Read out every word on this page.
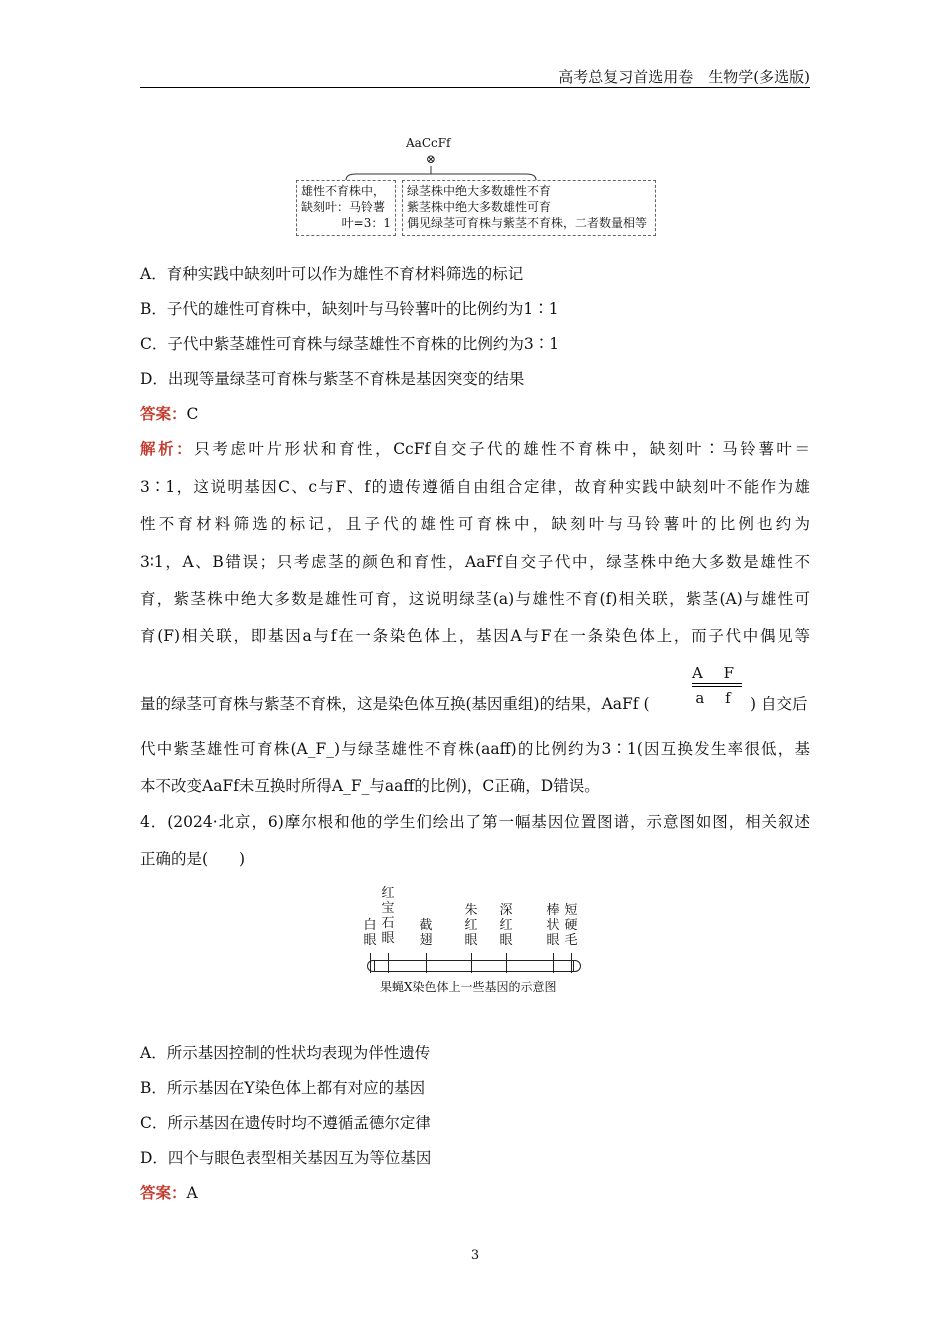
高考总复习首选用卷　生物学(多选版)
AaCcFf
⊗
雄性不育株中，
缺刻叶：马铃薯
叶=3：1
绿茎株中绝大多数雄性不育
紫茎株中绝大多数雄性可育
偶见绿茎可育株与紫茎不育株，二者数量相等
A．育种实践中缺刻叶可以作为雄性不育材料筛选的标记
B．子代的雄性可育株中，缺刻叶与马铃薯叶的比例约为1∶1
C．子代中紫茎雄性可育株与绿茎雄性不育株的比例约为3∶1
D．出现等量绿茎可育株与紫茎不育株是基因突变的结果
答案：C
解析：只考虑叶片形状和育性，CcFf自交子代的雄性不育株中，缺刻叶∶马铃薯叶＝
3∶1，这说明基因C、c与F、f的遗传遵循自由组合定律，故育种实践中缺刻叶不能作为雄
性不育材料筛选的标记，且子代的雄性可育株中，缺刻叶与马铃薯叶的比例也约为
3∶1，A、B错误；只考虑茎的颜色和育性，AaFf自交子代中，绿茎株中绝大多数是雄性不
育，紫茎株中绝大多数是雄性可育，这说明绿茎(a)与雄性不育(f)相关联，紫茎(A)与雄性可
育(F)相关联，即基因a与f在一条染色体上，基因A与F在一条染色体上，而子代中偶见等
量的绿茎可育株与紫茎不育株，这是染色体互换(基因重组)的结果，AaFf (
A F
a f ) 自交后
代中紫茎雄性可育株(A_F_)与绿茎雄性不育株(aaff)的比例约为3∶1(因互换发生率很低，基
本不改变AaFf未互换时所得A_F_与aaff的比例)，C正确，D错误。
4．(2024·北京，6)摩尔根和他的学生们绘出了第一幅基因位置图谱，示意图如图，相关叙述
正确的是(　　)
白
眼
红
宝
石
眼
截
翅
朱
红
眼
深
红
眼
棒
状
眼
短
硬
毛
果蝇X染色体上一些基因的示意图
A．所示基因控制的性状均表现为伴性遗传
B．所示基因在Y染色体上都有对应的基因
C．所示基因在遗传时均不遵循孟德尔定律
D．四个与眼色表型相关基因互为等位基因
答案：A
3
